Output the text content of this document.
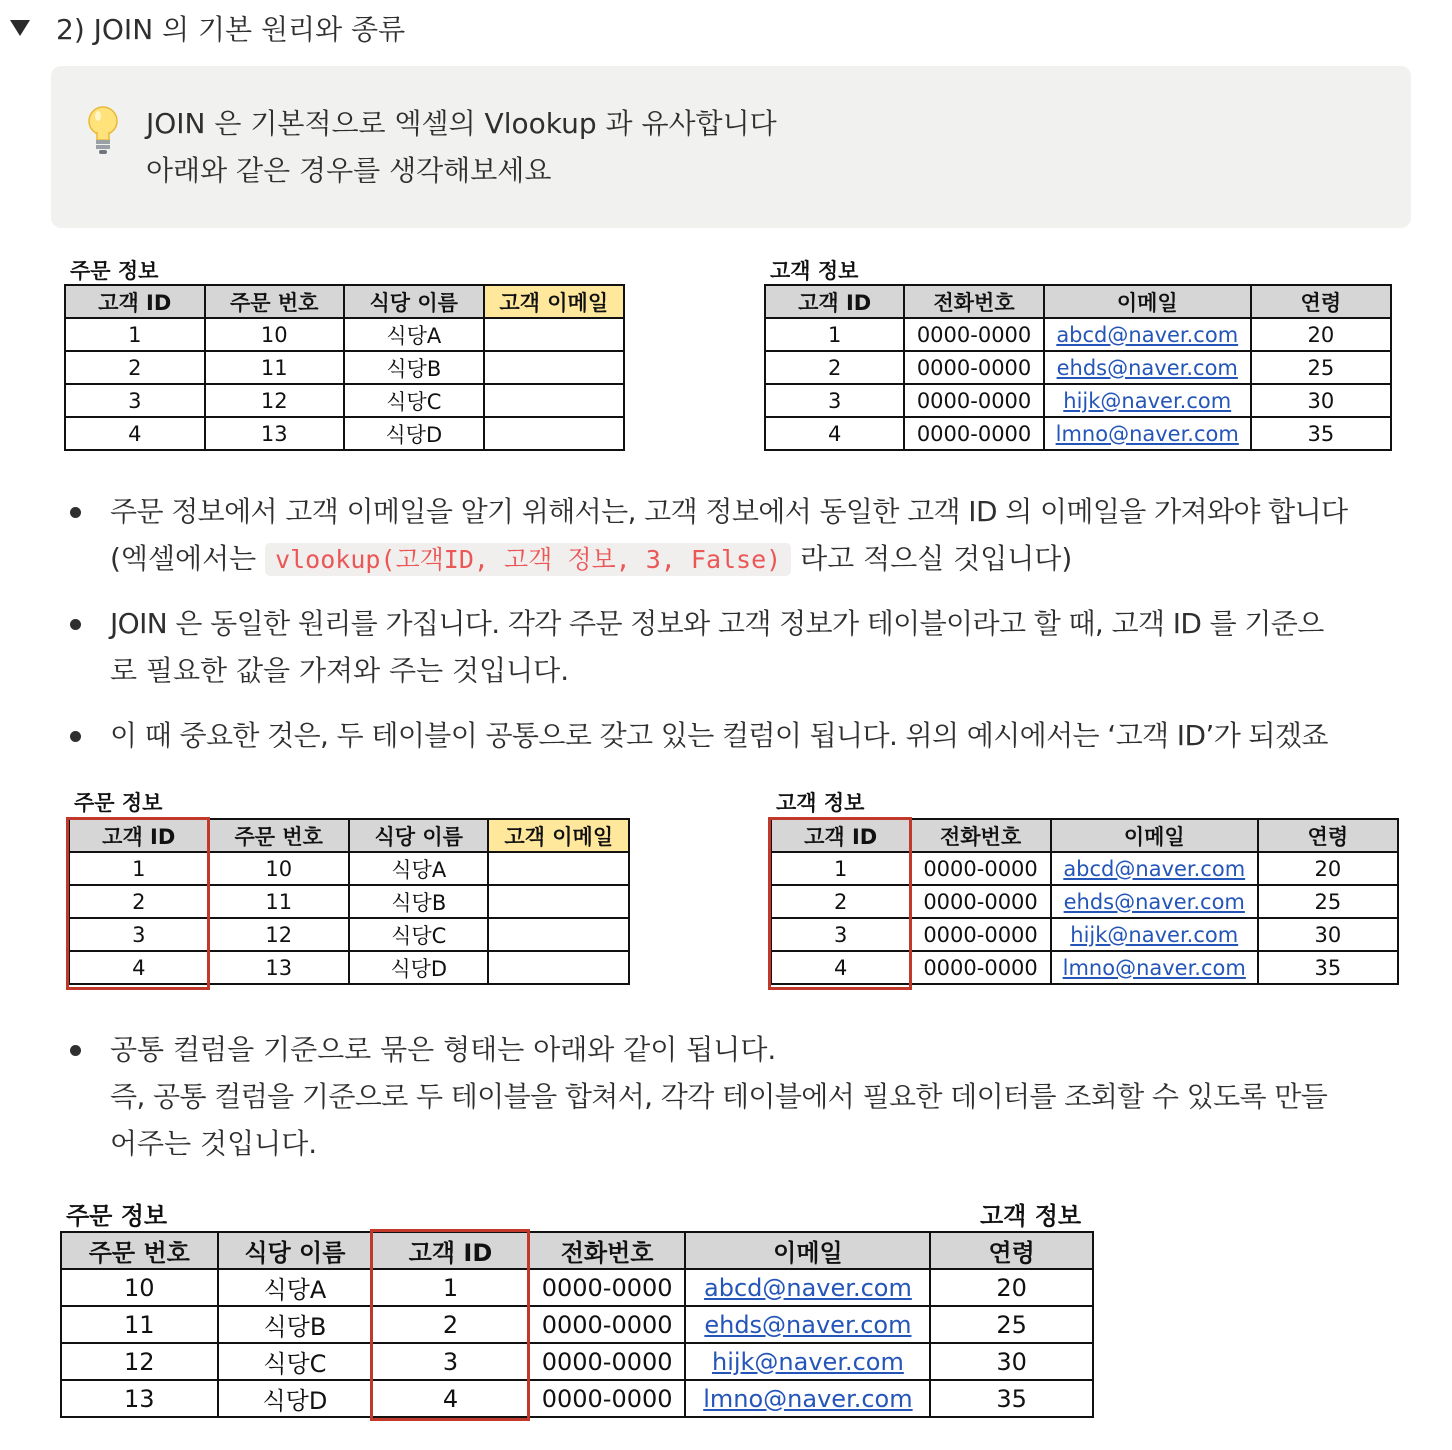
2) JOIN 의 기본 원리와 종류
JOIN 은 기본적으로 엑셀의 Vlookup 과 유사합니다
아래와 같은 경우를 생각해보세요
주문 정보
고객 ID	주문 번호	식당 이름	고객 이메일
1	10	식당A	
2	11	식당B	
3	12	식당C	
4	13	식당D	
고객 정보
고객 ID	전화번호	이메일	연령
1	0000-0000	abcd@naver.com	20
2	0000-0000	ehds@naver.com	25
3	0000-0000	hijk@naver.com	30
4	0000-0000	lmno@naver.com	35
주문 정보에서 고객 이메일을 알기 위해서는, 고객 정보에서 동일한 고객 ID 의 이메일을 가져와야 합니다
(엑셀에서는 vlookup(고객ID, 고객 정보, 3, False) 라고 적으실 것입니다)
JOIN 은 동일한 원리를 가집니다. 각각 주문 정보와 고객 정보가 테이블이라고 할 때, 고객 ID 를 기준으
로 필요한 값을 가져와 주는 것입니다.
이 때 중요한 것은, 두 테이블이 공통으로 갖고 있는 컬럼이 됩니다. 위의 예시에서는 ‘고객 ID’가 되겠죠
주문 정보
고객 ID	주문 번호	식당 이름	고객 이메일
1	10	식당A	
2	11	식당B	
3	12	식당C	
4	13	식당D	
고객 정보
고객 ID	전화번호	이메일	연령
1	0000-0000	abcd@naver.com	20
2	0000-0000	ehds@naver.com	25
3	0000-0000	hijk@naver.com	30
4	0000-0000	lmno@naver.com	35
공통 컬럼을 기준으로 묶은 형태는 아래와 같이 됩니다.
즉, 공통 컬럼을 기준으로 두 테이블을 합쳐서, 각각 테이블에서 필요한 데이터를 조회할 수 있도록 만들
어주는 것입니다.
주문 정보	고객 정보
주문 번호	식당 이름	고객 ID	전화번호	이메일	연령
10	식당A	1	0000-0000	abcd@naver.com	20
11	식당B	2	0000-0000	ehds@naver.com	25
12	식당C	3	0000-0000	hijk@naver.com	30
13	식당D	4	0000-0000	lmno@naver.com	35
